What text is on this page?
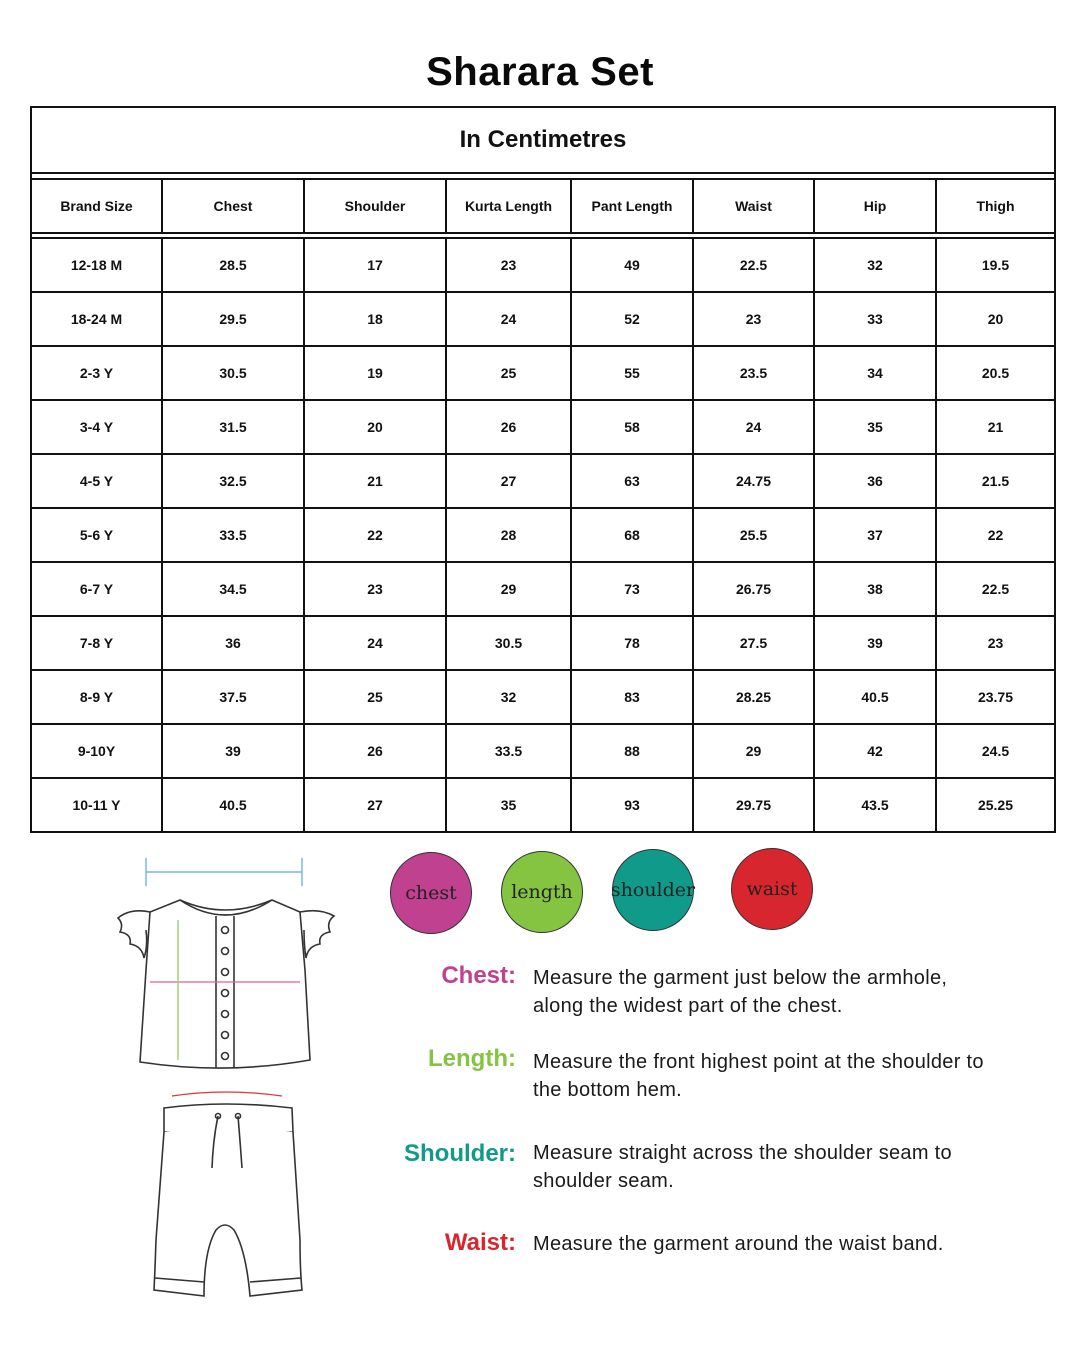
Sharara Set
In Centimetres
Brand Size	Chest	Shoulder	Kurta Length	Pant Length	Waist	Hip	Thigh
12-18 M	28.5	17	23	49	22.5	32	19.5
18-24 M	29.5	18	24	52	23	33	20
2-3 Y	30.5	19	25	55	23.5	34	20.5
3-4 Y	31.5	20	26	58	24	35	21
4-5 Y	32.5	21	27	63	24.75	36	21.5
5-6 Y	33.5	22	28	68	25.5	37	22
6-7 Y	34.5	23	29	73	26.75	38	22.5
7-8 Y	36	24	30.5	78	27.5	39	23
8-9 Y	37.5	25	32	83	28.25	40.5	23.75
9-10Y	39	26	33.5	88	29	42	24.5
10-11 Y	40.5	27	35	93	29.75	43.5	25.25
chest	length shoulder	waist
Chest: Measure the garment just below the armhole, along the widest part of the chest.
Length: Measure the front highest point at the shoulder to the bottom hem.
Shoulder: Measure straight across the shoulder seam to shoulder seam.
Waist: Measure the garment around the waist band.
